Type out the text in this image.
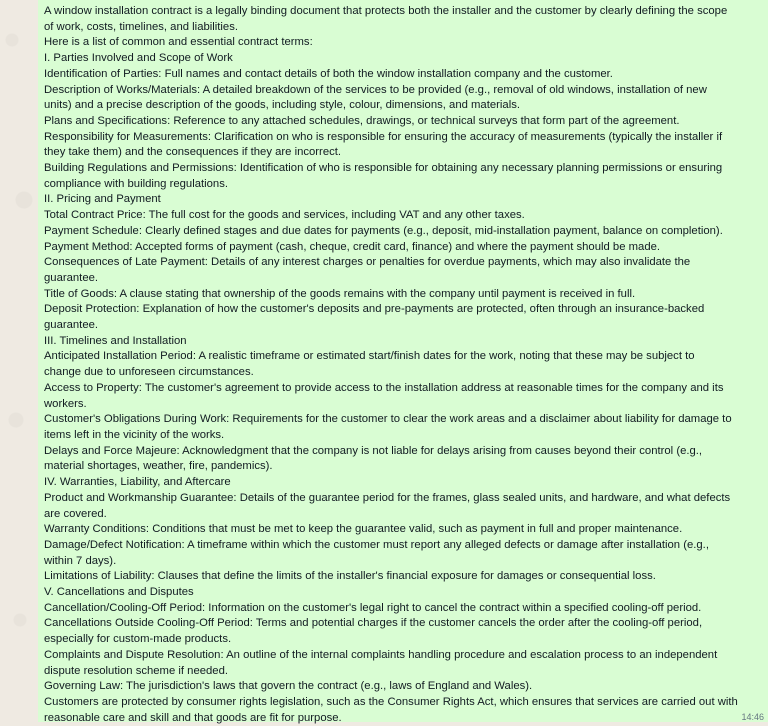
A window installation contract is a legally binding document that protects both the installer and the customer by clearly defining the scope
of work, costs, timelines, and liabilities.
Here is a list of common and essential contract terms:
I. Parties Involved and Scope of Work
Identification of Parties: Full names and contact details of both the window installation company and the customer.
Description of Works/Materials: A detailed breakdown of the services to be provided (e.g., removal of old windows, installation of new
units) and a precise description of the goods, including style, colour, dimensions, and materials.
Plans and Specifications: Reference to any attached schedules, drawings, or technical surveys that form part of the agreement.
Responsibility for Measurements: Clarification on who is responsible for ensuring the accuracy of measurements (typically the installer if
they take them) and the consequences if they are incorrect.
Building Regulations and Permissions: Identification of who is responsible for obtaining any necessary planning permissions or ensuring
compliance with building regulations.
II. Pricing and Payment
Total Contract Price: The full cost for the goods and services, including VAT and any other taxes.
Payment Schedule: Clearly defined stages and due dates for payments (e.g., deposit, mid-installation payment, balance on completion).
Payment Method: Accepted forms of payment (cash, cheque, credit card, finance) and where the payment should be made.
Consequences of Late Payment: Details of any interest charges or penalties for overdue payments, which may also invalidate the
guarantee.
Title of Goods: A clause stating that ownership of the goods remains with the company until payment is received in full.
Deposit Protection: Explanation of how the customer's deposits and pre-payments are protected, often through an insurance-backed
guarantee.
III. Timelines and Installation
Anticipated Installation Period: A realistic timeframe or estimated start/finish dates for the work, noting that these may be subject to
change due to unforeseen circumstances.
Access to Property: The customer's agreement to provide access to the installation address at reasonable times for the company and its
workers.
Customer's Obligations During Work: Requirements for the customer to clear the work areas and a disclaimer about liability for damage to
items left in the vicinity of the works.
Delays and Force Majeure: Acknowledgment that the company is not liable for delays arising from causes beyond their control (e.g.,
material shortages, weather, fire, pandemics).
IV. Warranties, Liability, and Aftercare
Product and Workmanship Guarantee: Details of the guarantee period for the frames, glass sealed units, and hardware, and what defects
are covered.
Warranty Conditions: Conditions that must be met to keep the guarantee valid, such as payment in full and proper maintenance.
Damage/Defect Notification: A timeframe within which the customer must report any alleged defects or damage after installation (e.g.,
within 7 days).
Limitations of Liability: Clauses that define the limits of the installer's financial exposure for damages or consequential loss.
V. Cancellations and Disputes
Cancellation/Cooling-Off Period: Information on the customer's legal right to cancel the contract within a specified cooling-off period.
Cancellations Outside Cooling-Off Period: Terms and potential charges if the customer cancels the order after the cooling-off period,
especially for custom-made products.
Complaints and Dispute Resolution: An outline of the internal complaints handling procedure and escalation process to an independent
dispute resolution scheme if needed.
Governing Law: The jurisdiction's laws that govern the contract (e.g., laws of England and Wales).
Customers are protected by consumer rights legislation, such as the Consumer Rights Act, which ensures that services are carried out with
reasonable care and skill and that goods are fit for purpose.	14:46
